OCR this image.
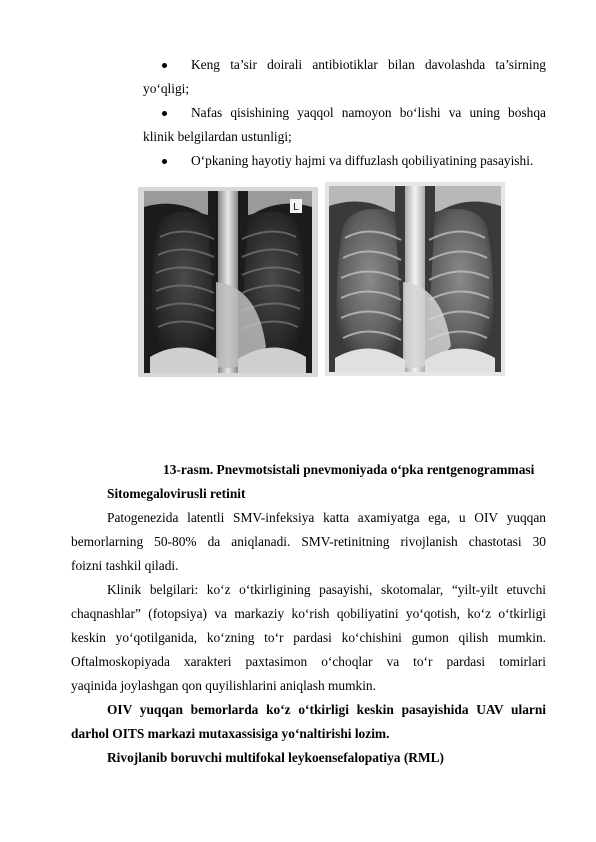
Keng ta’sir doirali antibiotiklar bilan davolashda ta’sirning
yo‘qligi;
Nafas qisishining yaqqol namoyon bo‘lishi va uning boshqa
klinik belgilardan ustunligi;
O‘pkaning hayotiy hajmi va diffuzlash qobiliyatining pasayishi.
L
13-rasm. Pnevmotsistali pnevmoniyada o‘pka rentgenogrammasi
Sitomegalovirusli retinit
Patogenezida latentli SMV-infeksiya katta axamiyatga ega, u OIV yuqqan
bemorlarning 50-80% da aniqlanadi. SMV-retinitning rivojlanish chastotasi 30
foizni tashkil qiladi.
Klinik belgilari: ko‘z o‘tkirligining pasayishi, skotomalar, “yilt-yilt etuvchi
chaqnashlar” (fotopsiya) va markaziy ko‘rish qobiliyatini yo‘qotish, ko‘z o‘tkirligi
keskin yo‘qotilganida, ko‘zning to‘r pardasi ko‘chishini gumon qilish mumkin.
Oftalmoskopiyada xarakteri paxtasimon o‘choqlar va to‘r pardasi tomirlari
yaqinida joylashgan qon quyilishlarini aniqlash mumkin.
OIV yuqqan bemorlarda ko‘z o‘tkirligi keskin pasayishida UAV ularni
darhol OITS markazi mutaxassisiga yo‘naltirishi lozim.
Rivojlanib boruvchi multifokal leykoensefalopatiya (RML)
